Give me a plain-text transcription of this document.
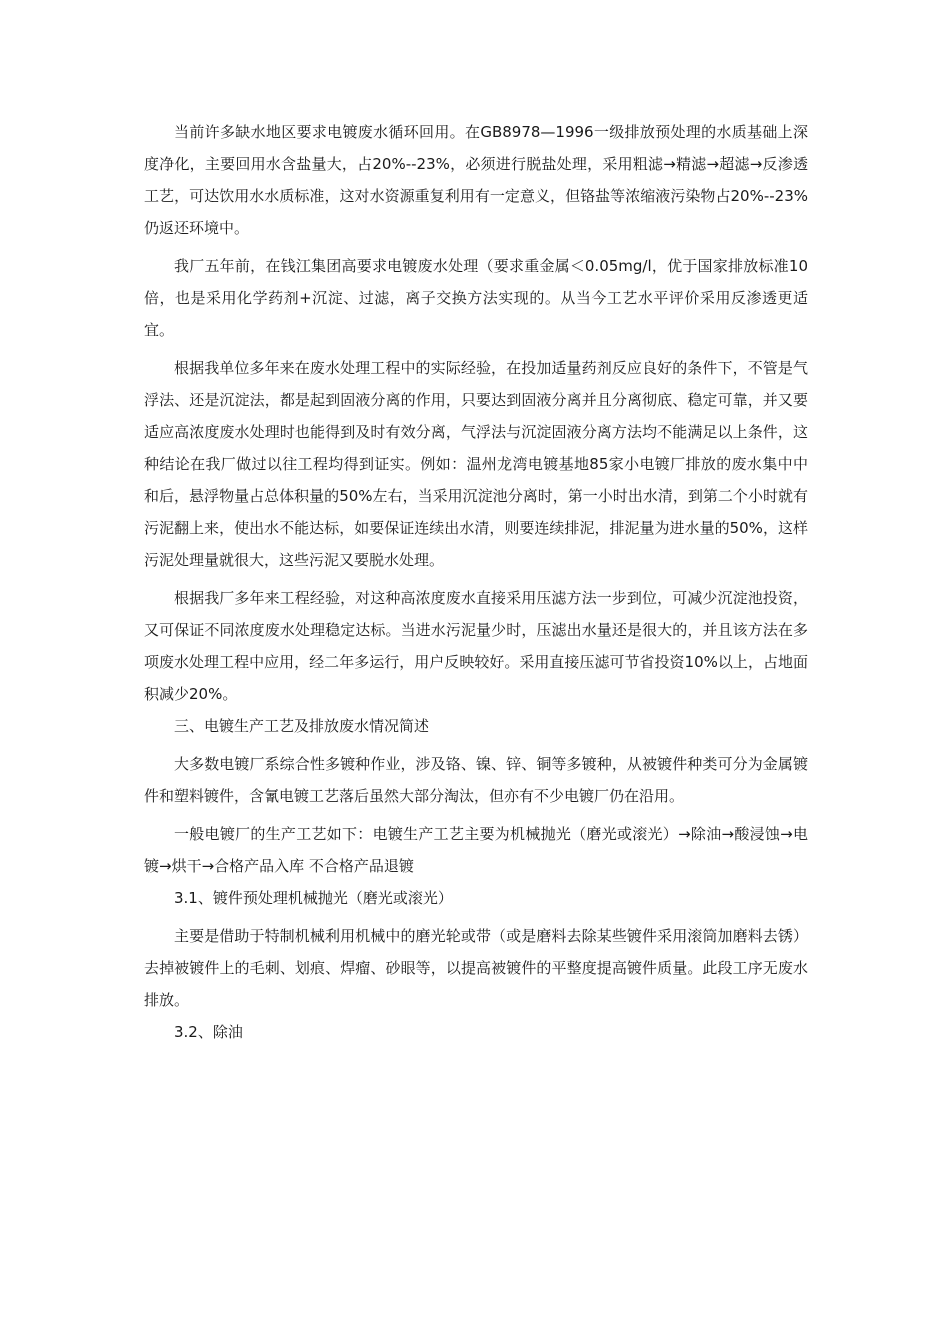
当前许多缺水地区要求电镀废水循环回用。在GB8978—1996一级排放预处理的水质基础上深度净化，主要回用水含盐量大，占20%--23%，必须进行脱盐处理，采用粗滤→精滤→超滤→反渗透工艺，可达饮用水水质标准，这对水资源重复利用有一定意义，但铬盐等浓缩液污染物占20%--23%仍返还环境中。

我厂五年前，在钱江集团高要求电镀废水处理（要求重金属＜0.05mg/l，优于国家排放标准10倍，也是采用化学药剂+沉淀、过滤，离子交换方法实现的。从当今工艺水平评价采用反渗透更适宜。

根据我单位多年来在废水处理工程中的实际经验，在投加适量药剂反应良好的条件下，不管是气浮法、还是沉淀法，都是起到固液分离的作用，只要达到固液分离并且分离彻底、稳定可靠，并又要适应高浓度废水处理时也能得到及时有效分离，气浮法与沉淀固液分离方法均不能满足以上条件，这种结论在我厂做过以往工程均得到证实。例如：温州龙湾电镀基地85家小电镀厂排放的废水集中中和后，悬浮物量占总体积量的50%左右，当采用沉淀池分离时，第一小时出水清，到第二个小时就有污泥翻上来，使出水不能达标，如要保证连续出水清，则要连续排泥，排泥量为进水量的50%，这样污泥处理量就很大，这些污泥又要脱水处理。

根据我厂多年来工程经验，对这种高浓度废水直接采用压滤方法一步到位，可减少沉淀池投资，又可保证不同浓度废水处理稳定达标。当进水污泥量少时，压滤出水量还是很大的，并且该方法在多项废水处理工程中应用，经二年多运行，用户反映较好。采用直接压滤可节省投资10%以上，占地面积减少20%。

三、电镀生产工艺及排放废水情况简述

大多数电镀厂系综合性多镀种作业，涉及铬、镍、锌、铜等多镀种，从被镀件种类可分为金属镀件和塑料镀件，含氰电镀工艺落后虽然大部分淘汰，但亦有不少电镀厂仍在沿用。

一般电镀厂的生产工艺如下：电镀生产工艺主要为机械抛光（磨光或滚光）→除油→酸浸蚀→电镀→烘干→合格产品入库 不合格产品退镀

3.1、镀件预处理机械抛光（磨光或滚光）

主要是借助于特制机械利用机械中的磨光轮或带（或是磨料去除某些镀件采用滚筒加磨料去锈）去掉被镀件上的毛刺、划痕、焊瘤、砂眼等，以提高被镀件的平整度提高镀件质量。此段工序无废水排放。

3.2、除油
